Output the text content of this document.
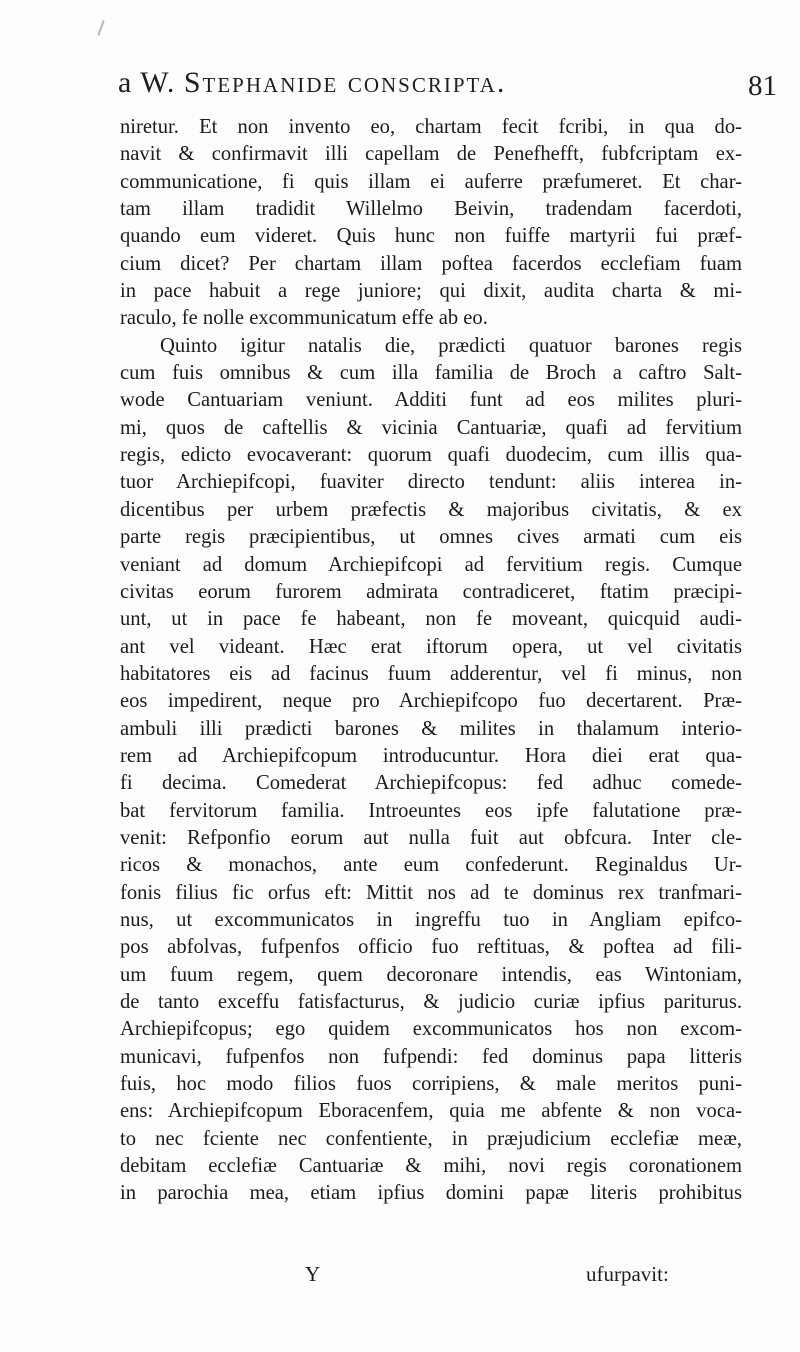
a W. Stephanide conscripta.	81
niretur. Et non invento eo, chartam fecit fcribi, in qua do-
navit & confirmavit illi capellam de Penefhefft, fubfcriptam ex-
communicatione, fi quis illam ei auferre præfumeret. Et char-
tam illam tradidit Willelmo Beivin, tradendam facerdoti,
quando eum videret. Quis hunc non fuiffe martyrii fui præf-
cium dicet? Per chartam illam poftea facerdos ecclefiam fuam
in pace habuit a rege juniore; qui dixit, audita charta & mi-
raculo, fe nolle excommunicatum effe ab eo.
Quinto igitur natalis die, prædicti quatuor barones regis
cum fuis omnibus & cum illa familia de Broch a caftro Salt-
wode Cantuariam veniunt. Additi funt ad eos milites pluri-
mi, quos de caftellis & vicinia Cantuariæ, quafi ad fervitium
regis, edicto evocaverant: quorum quafi duodecim, cum illis qua-
tuor Archiepifcopi, fuaviter directo tendunt: aliis interea in-
dicentibus per urbem præfectis & majoribus civitatis, & ex
parte regis præcipientibus, ut omnes cives armati cum eis
veniant ad domum Archiepifcopi ad fervitium regis. Cumque
civitas eorum furorem admirata contradiceret, ftatim præcipi-
unt, ut in pace fe habeant, non fe moveant, quicquid audi-
ant vel videant. Hæc erat iftorum opera, ut vel civitatis
habitatores eis ad facinus fuum adderentur, vel fi minus, non
eos impedirent, neque pro Archiepifcopo fuo decertarent. Præ-
ambuli illi prædicti barones & milites in thalamum interio-
rem ad Archiepifcopum introducuntur. Hora diei erat qua-
fi decima. Comederat Archiepifcopus: fed adhuc comede-
bat fervitorum familia. Introeuntes eos ipfe falutatione præ-
venit: Refponfio eorum aut nulla fuit aut obfcura. Inter cle-
ricos & monachos, ante eum confederunt. Reginaldus Ur-
fonis filius fic orfus eft: Mittit nos ad te dominus rex tranfmari-
nus, ut excommunicatos in ingreffu tuo in Angliam epifco-
pos abfolvas, fufpenfos officio fuo reftituas, & poftea ad fili-
um fuum regem, quem decoronare intendis, eas Wintoniam,
de tanto exceffu fatisfacturus, & judicio curiæ ipfius pariturus.
Archiepifcopus; ego quidem excommunicatos hos non excom-
municavi, fufpenfos non fufpendi: fed dominus papa litteris
fuis, hoc modo filios fuos corripiens, & male meritos puni-
ens: Archiepifcopum Eboracenfem, quia me abfente & non voca-
to nec fciente nec confentiente, in præjudicium ecclefiæ meæ,
debitam ecclefiæ Cantuariæ & mihi, novi regis coronationem
in parochia mea, etiam ipfius domini papæ literis prohibitus
Y	ufurpavit:
